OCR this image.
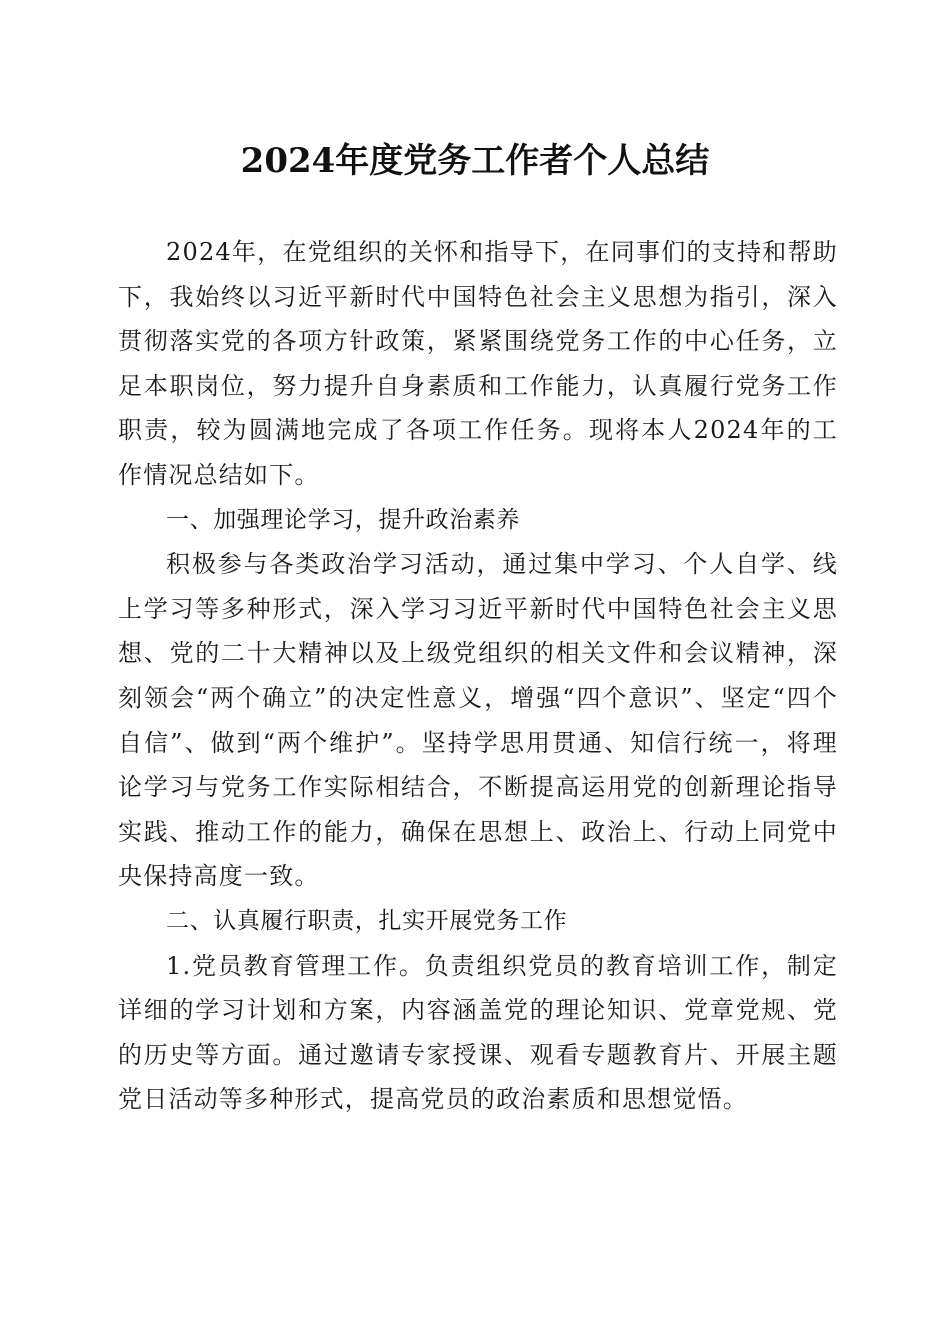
2024年度党务工作者个人总结

2024年，在党组织的关怀和指导下，在同事们的支持和帮助下，我始终以习近平新时代中国特色社会主义思想为指引，深入贯彻落实党的各项方针政策，紧紧围绕党务工作的中心任务，立足本职岗位，努力提升自身素质和工作能力，认真履行党务工作职责，较为圆满地完成了各项工作任务。现将本人2024年的工作情况总结如下。

一、加强理论学习，提升政治素养

积极参与各类政治学习活动，通过集中学习、个人自学、线上学习等多种形式，深入学习习近平新时代中国特色社会主义思想、党的二十大精神以及上级党组织的相关文件和会议精神，深刻领会“两个确立”的决定性意义，增强“四个意识”、坚定“四个自信”、做到“两个维护”。坚持学思用贯通、知信行统一，将理论学习与党务工作实际相结合，不断提高运用党的创新理论指导实践、推动工作的能力，确保在思想上、政治上、行动上同党中央保持高度一致。

二、认真履行职责，扎实开展党务工作

1.党员教育管理工作。负责组织党员的教育培训工作，制定详细的学习计划和方案，内容涵盖党的理论知识、党章党规、党的历史等方面。通过邀请专家授课、观看专题教育片、开展主题党日活动等多种形式，提高党员的政治素质和思想觉悟。
